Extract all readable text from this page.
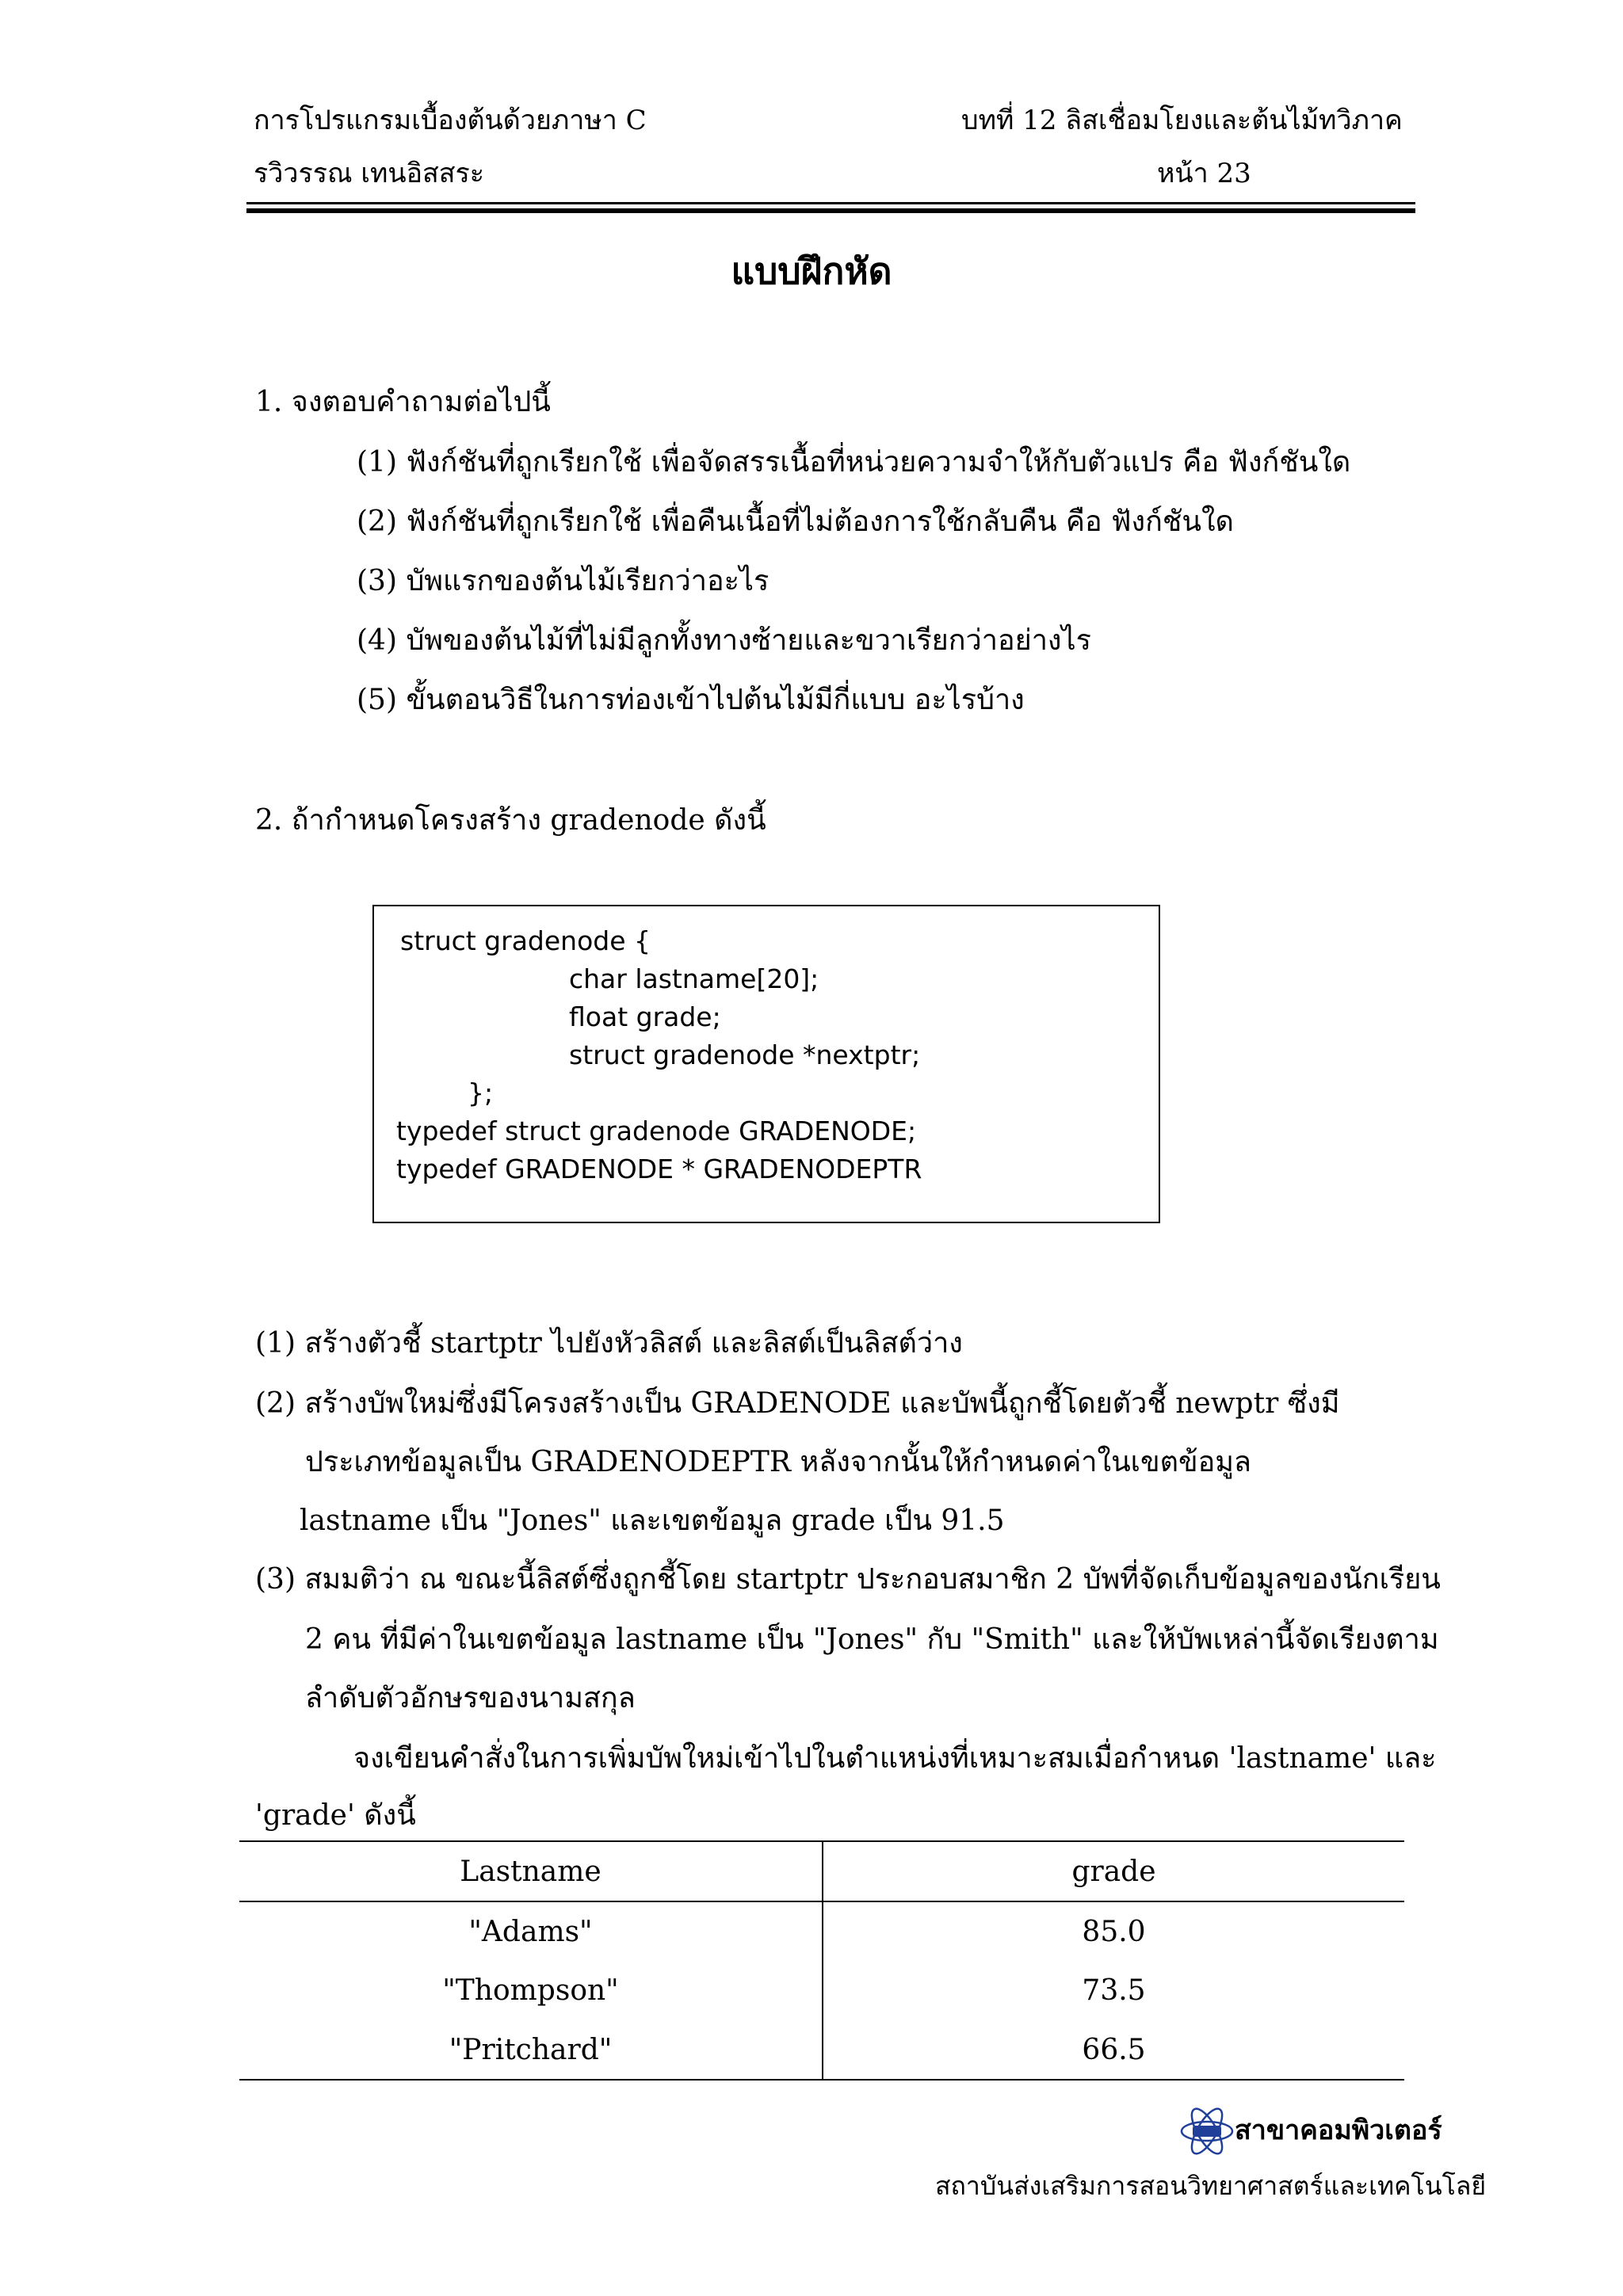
การโปรแกรมเบื้องต้นด้วยภาษา C	บทที่ 12 ลิสเชื่อมโยงและต้นไม้ทวิภาค
รวิวรรณ เทนอิสสระ	หน้า 23
แบบฝึกหัด
1. จงตอบคำถามต่อไปนี้
(1) ฟังก์ชันที่ถูกเรียกใช้ เพื่อจัดสรรเนื้อที่หน่วยความจำให้กับตัวแปร คือ ฟังก์ชันใด
(2) ฟังก์ชันที่ถูกเรียกใช้ เพื่อคืนเนื้อที่ไม่ต้องการใช้กลับคืน คือ ฟังก์ชันใด
(3) บัพแรกของต้นไม้เรียกว่าอะไร
(4) บัพของต้นไม้ที่ไม่มีลูกทั้งทางซ้ายและขวาเรียกว่าอย่างไร
(5) ขั้นตอนวิธีในการท่องเข้าไปต้นไม้มีกี่แบบ อะไรบ้าง
2. ถ้ากำหนดโครงสร้าง gradenode ดังนี้
struct gradenode {
char lastname[20];
float grade;
struct gradenode *nextptr;
};
typedef struct gradenode GRADENODE;
typedef GRADENODE * GRADENODEPTR
(1) สร้างตัวชี้ startptr ไปยังหัวลิสต์ และลิสต์เป็นลิสต์ว่าง
(2) สร้างบัพใหม่ซึ่งมีโครงสร้างเป็น GRADENODE และบัพนี้ถูกชี้โดยตัวชี้ newptr ซึ่งมี
ประเภทข้อมูลเป็น GRADENODEPTR หลังจากนั้นให้กำหนดค่าในเขตข้อมูล
lastname เป็น "Jones" และเขตข้อมูล grade เป็น 91.5
(3) สมมติว่า ณ ขณะนี้ลิสต์ซึ่งถูกชี้โดย startptr ประกอบสมาชิก 2 บัพที่จัดเก็บข้อมูลของนักเรียน
2 คน ที่มีค่าในเขตข้อมูล lastname เป็น "Jones" กับ "Smith" และให้บัพเหล่านี้จัดเรียงตาม
ลำดับตัวอักษรของนามสกุล
จงเขียนคำสั่งในการเพิ่มบัพใหม่เข้าไปในตำแหน่งที่เหมาะสมเมื่อกำหนด 'lastname' และ
'grade' ดังนี้
Lastname	grade
"Adams"	85.0
"Thompson"	73.5
"Pritchard"	66.5
สาขาคอมพิวเตอร์
สถาบันส่งเสริมการสอนวิทยาศาสตร์และเทคโนโลยี
